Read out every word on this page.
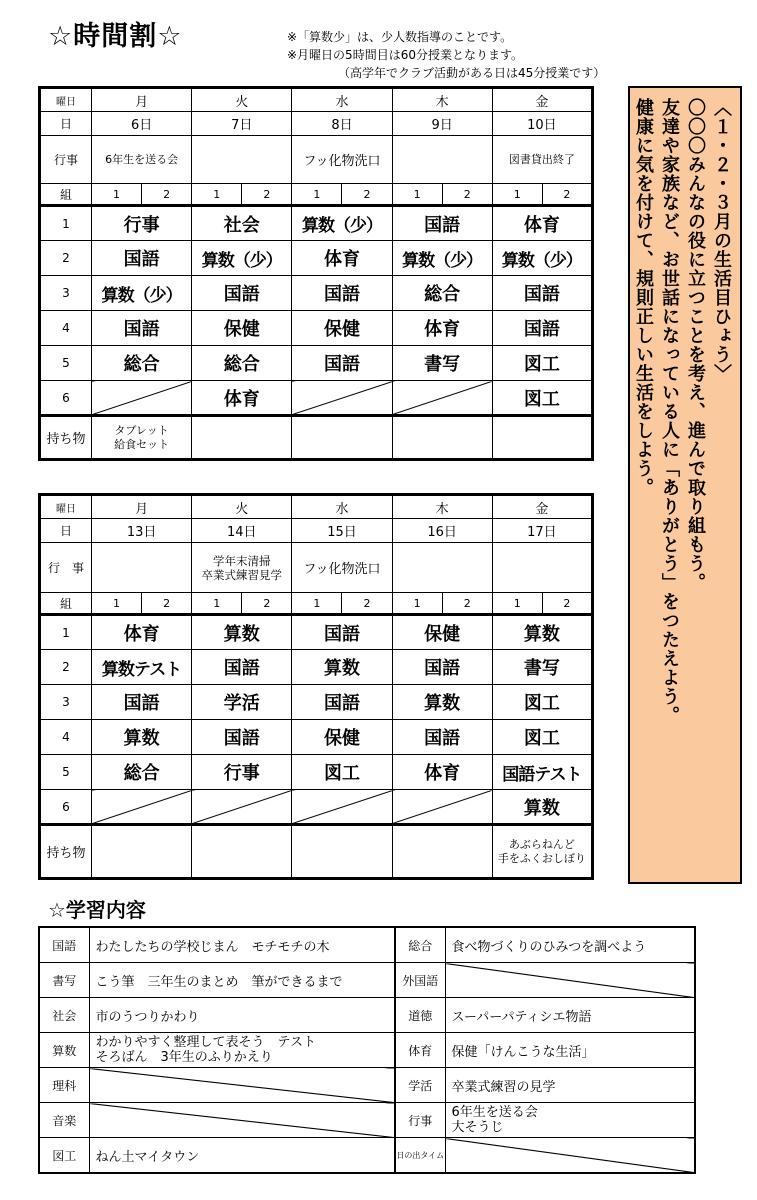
☆時間割☆	※「算数少」は、少人数指導のことです。
※月曜日の5時間目は60分授業となります。
（高学年でクラブ活動がある日は45分授業です）
曜日	月		火		水		木		金	
日	6日		7日		8日		9日		10日	
行事	6年生を送る会				フッ化物洗口				図書貸出終了	
組	1	2	1	2	1	2	1	2	1	2
1	行事		社会		算数（少）		国語		体育	
2	国語		算数（少）		体育		算数（少）		算数（少）	
3	算数（少）		国語		国語		総合		国語	
4	国語		保健		保健		体育		国語	
5	総合		総合		国語		書写		図工	
6			体育						図工	
持ち物	タブレット
給食セット									
曜日	月		火		水		木		金	
日	13日		14日		15日		16日		17日	
行　事			学年末清掃
卒業式練習見学		フッ化物洗口					
組	1	2	1	2	1	2	1	2	1	2
1	体育		算数		国語		保健		算数	
2	算数テスト		国語		算数		国語		書写	
3	国語		学活		国語		算数		図工	
4	算数		国語		保健		国語		図工	
5	総合		行事		図工		体育		国語テスト	
6									算数	
持ち物									あぶらねんど
手をふくおしぼり	
〈１・２・３月の生活目ひょう〉
〇〇〇みんなの役に立つことを考え、進んで取り組もう。
友達や家族など、お世話になっている人に「ありがとう」をつたえよう。
健康に気を付けて、規則正しい生活をしよう。
☆学習内容
国語	わたしたちの学校じまん　モチモチの木	総合	食べ物づくりのひみつを調べよう
書写	こう筆　三年生のまとめ　筆ができるまで	外国語	
社会	市のうつりかわり	道徳	スーパーパティシエ物語
算数	わかりやすく整理して表そう　テスト
そろばん　3年生のふりかえり	体育	保健「けんこうな生活」
理科		学活	卒業式練習の見学
音楽		行事	6年生を送る会
大そうじ
図工	ねん土マイタウン	日の出タイム	
